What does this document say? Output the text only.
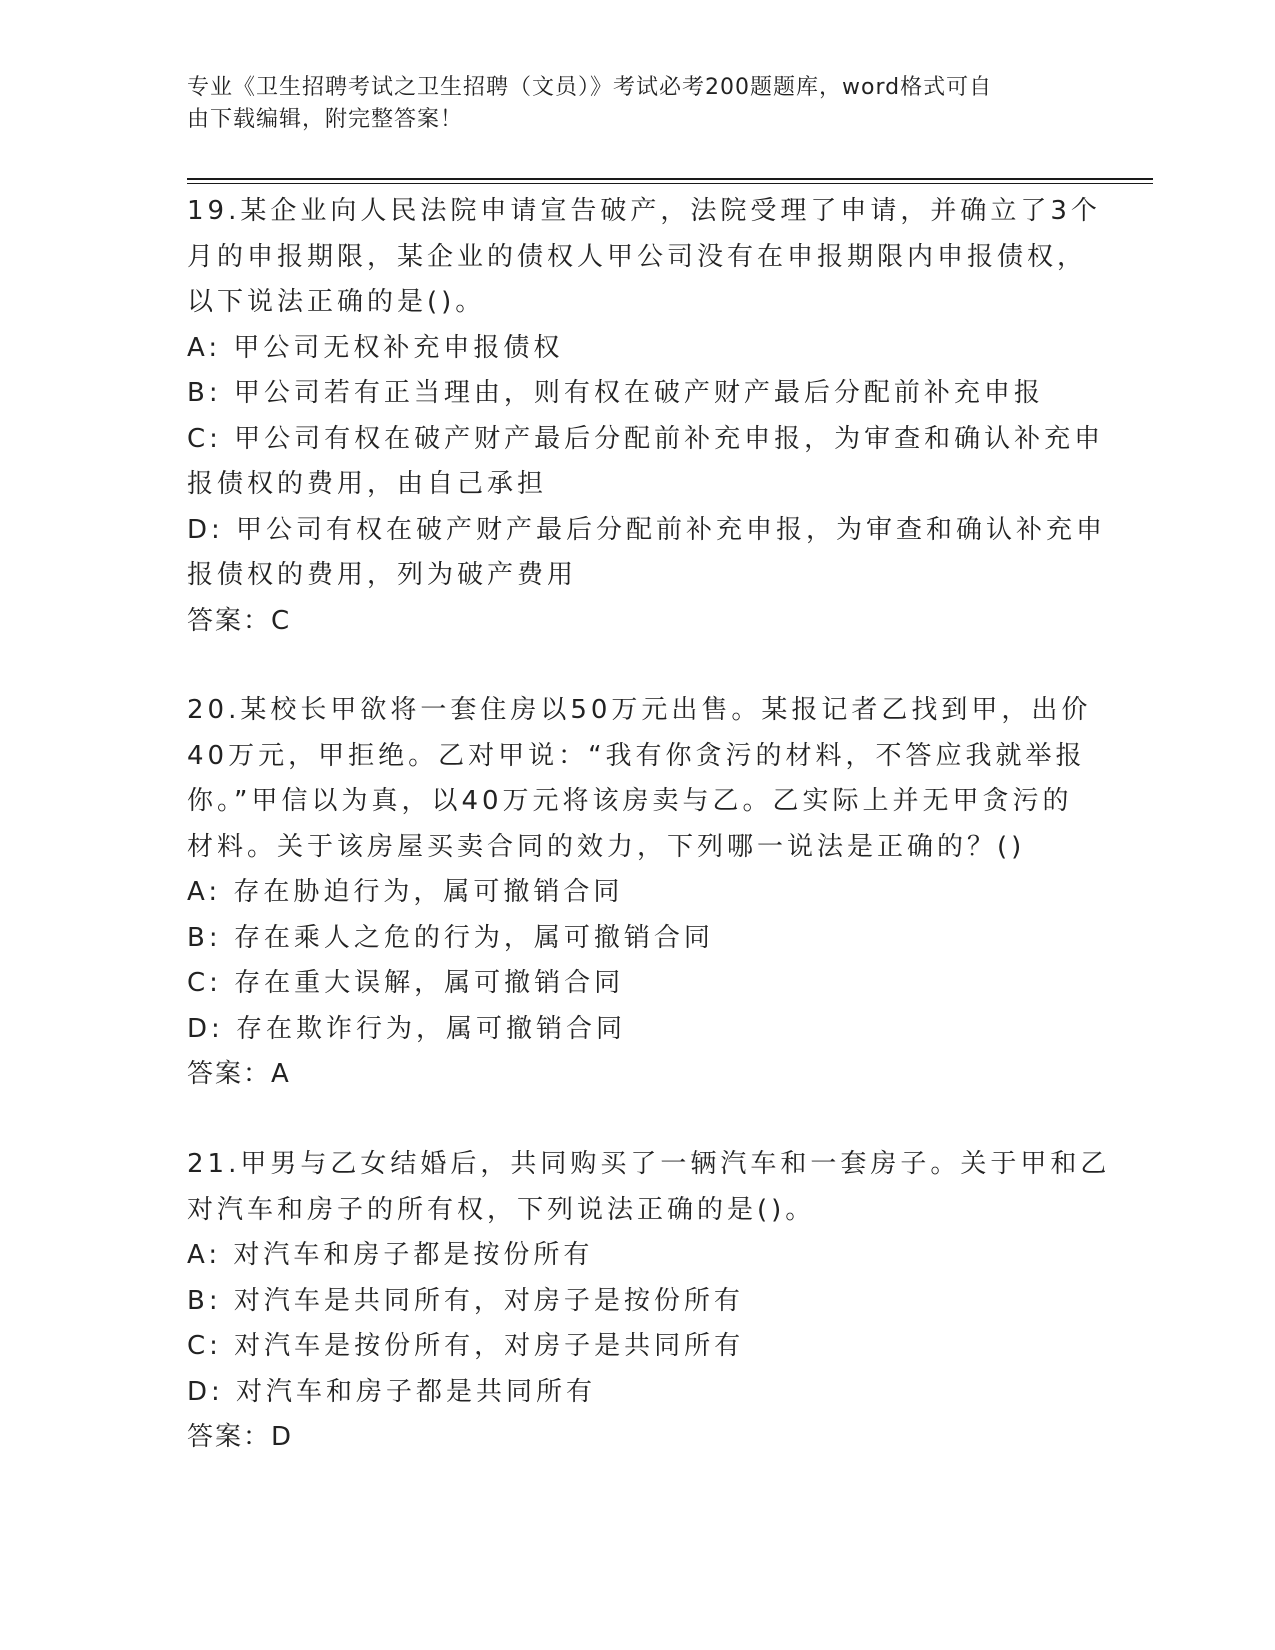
专业《卫生招聘考试之卫生招聘（文员）》考试必考200题题库，word格式可自
由下载编辑，附完整答案！
19.某企业向人民法院申请宣告破产，法院受理了申请，并确立了3个
月的申报期限，某企业的债权人甲公司没有在申报期限内申报债权，
以下说法正确的是()。
A: 甲公司无权补充申报债权
B: 甲公司若有正当理由，则有权在破产财产最后分配前补充申报
C: 甲公司有权在破产财产最后分配前补充申报，为审查和确认补充申
报债权的费用，由自己承担
D: 甲公司有权在破产财产最后分配前补充申报，为审查和确认补充申
报债权的费用，列为破产费用
答案：C
20.某校长甲欲将一套住房以50万元出售。某报记者乙找到甲，出价
40万元，甲拒绝。乙对甲说：“我有你贪污的材料，不答应我就举报
你。”甲信以为真，以40万元将该房卖与乙。乙实际上并无甲贪污的
材料。关于该房屋买卖合同的效力，下列哪一说法是正确的？()
A: 存在胁迫行为，属可撤销合同
B: 存在乘人之危的行为，属可撤销合同
C: 存在重大误解，属可撤销合同
D: 存在欺诈行为，属可撤销合同
答案：A
21.甲男与乙女结婚后，共同购买了一辆汽车和一套房子。关于甲和乙
对汽车和房子的所有权，下列说法正确的是()。
A: 对汽车和房子都是按份所有
B: 对汽车是共同所有，对房子是按份所有
C: 对汽车是按份所有，对房子是共同所有
D: 对汽车和房子都是共同所有
答案：D
